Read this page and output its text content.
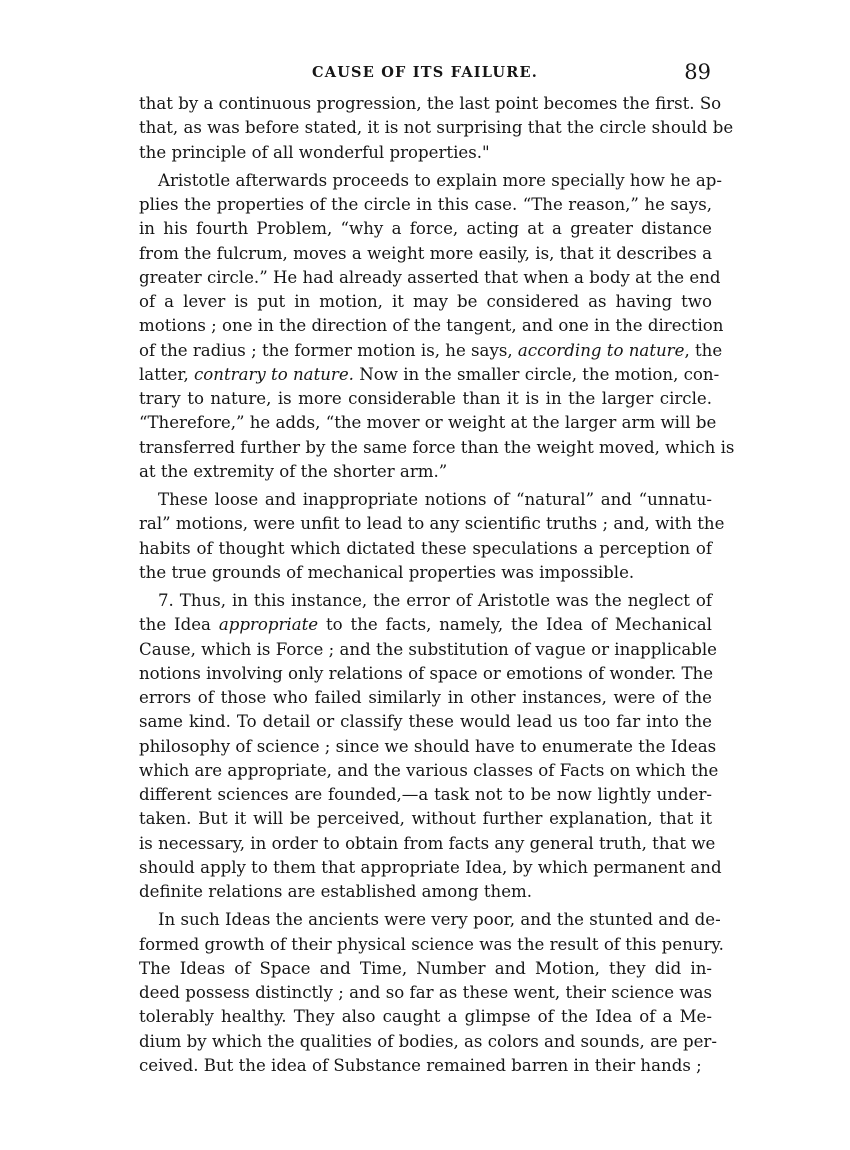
CAUSE OF ITS FAILURE.	89
that by a continuous progression, the last point becomes the first. So
that, as was before stated, it is not surprising that the circle should be
the principle of all wonderful properties."
Aristotle afterwards proceeds to explain more specially how he ap-
plies the properties of the circle in this case. “The reason,” he says,
in his fourth Problem, “why a force, acting at a greater distance
from the fulcrum, moves a weight more easily, is, that it describes a
greater circle.” He had already asserted that when a body at the end
of a lever is put in motion, it may be considered as having two
motions ; one in the direction of the tangent, and one in the direction
of the radius ; the former motion is, he says, according to nature, the
latter, contrary to nature. Now in the smaller circle, the motion, con-
trary to nature, is more considerable than it is in the larger circle.
“Therefore,” he adds, “the mover or weight at the larger arm will be
transferred further by the same force than the weight moved, which is
at the extremity of the shorter arm.”
These loose and inappropriate notions of “natural” and “unnatu-
ral” motions, were unfit to lead to any scientific truths ; and, with the
habits of thought which dictated these speculations a perception of
the true grounds of mechanical properties was impossible.
7. Thus, in this instance, the error of Aristotle was the neglect of
the Idea appropriate to the facts, namely, the Idea of Mechanical
Cause, which is Force ; and the substitution of vague or inapplicable
notions involving only relations of space or emotions of wonder. The
errors of those who failed similarly in other instances, were of the
same kind. To detail or classify these would lead us too far into the
philosophy of science ; since we should have to enumerate the Ideas
which are appropriate, and the various classes of Facts on which the
different sciences are founded,—a task not to be now lightly under-
taken. But it will be perceived, without further explanation, that it
is necessary, in order to obtain from facts any general truth, that we
should apply to them that appropriate Idea, by which permanent and
definite relations are established among them.
In such Ideas the ancients were very poor, and the stunted and de-
formed growth of their physical science was the result of this penury.
The Ideas of Space and Time, Number and Motion, they did in-
deed possess distinctly ; and so far as these went, their science was
tolerably healthy. They also caught a glimpse of the Idea of a Me-
dium by which the qualities of bodies, as colors and sounds, are per-
ceived. But the idea of Substance remained barren in their hands ;
